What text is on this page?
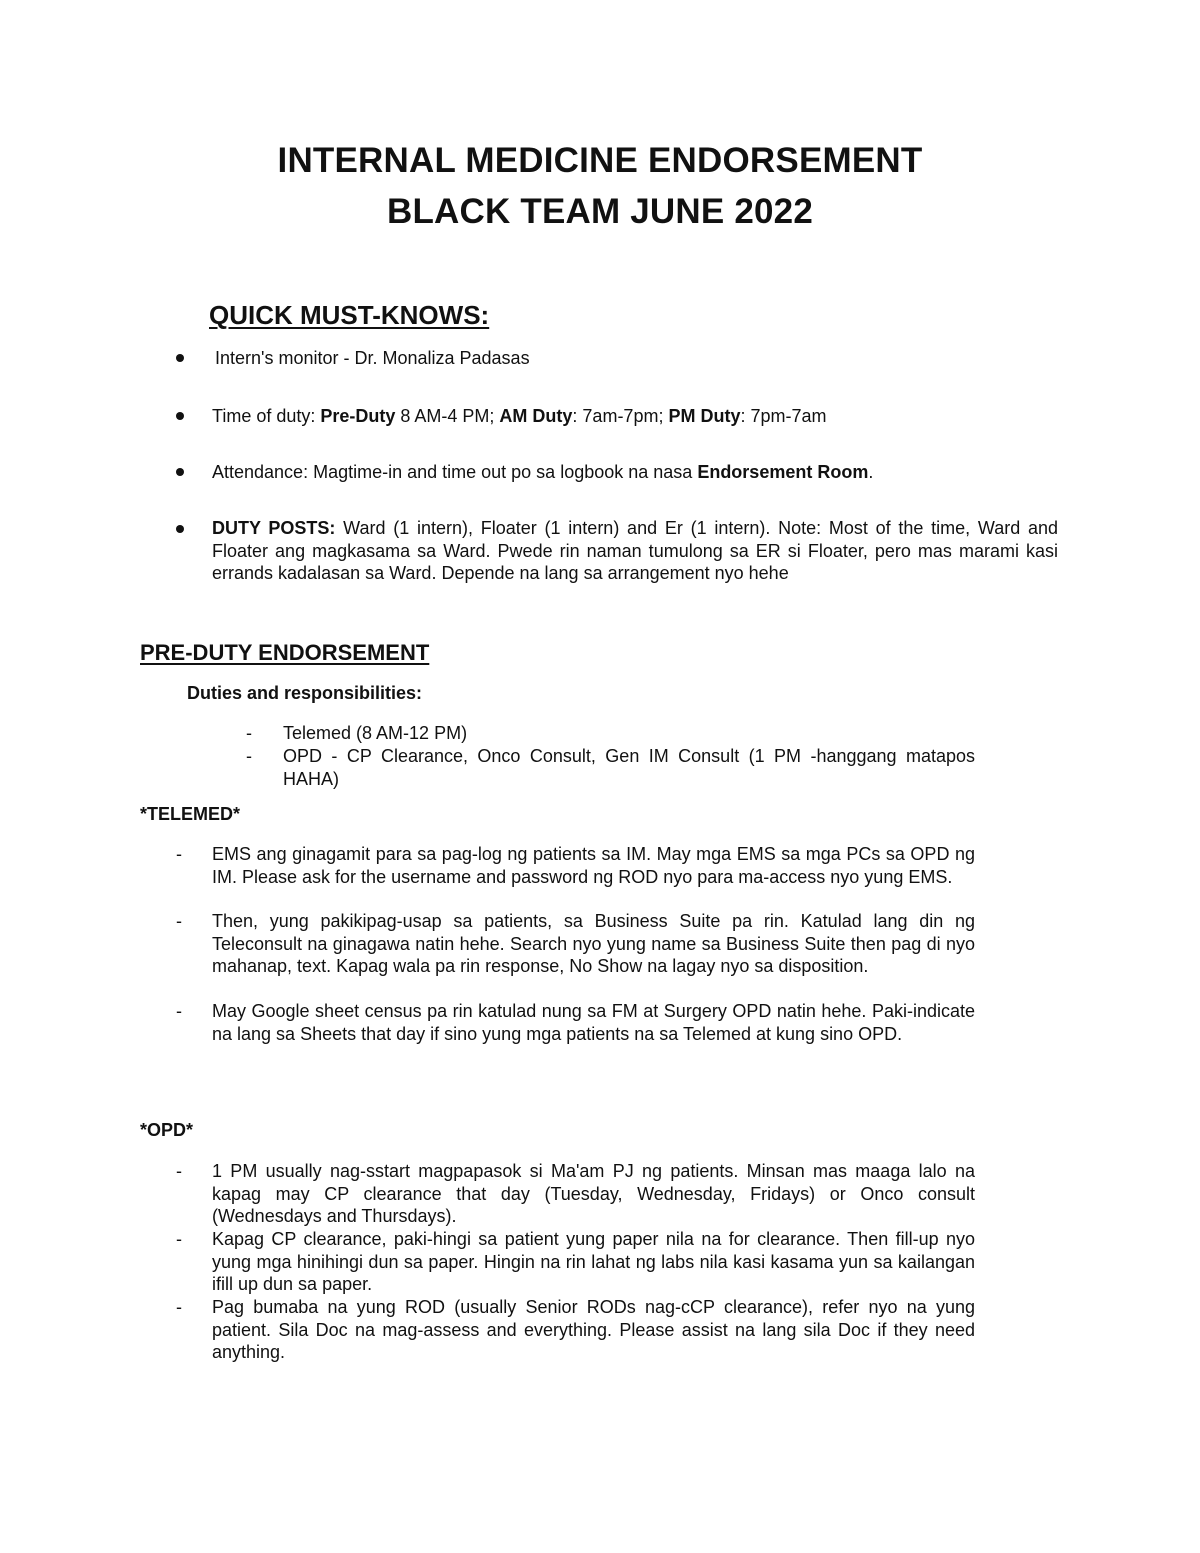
INTERNAL MEDICINE ENDORSEMENT
BLACK TEAM JUNE 2022
QUICK MUST-KNOWS:
Intern's monitor - Dr. Monaliza Padasas
Time of duty: Pre-Duty 8 AM-4 PM; AM Duty: 7am-7pm; PM Duty: 7pm-7am
Attendance: Magtime-in and time out po sa logbook na nasa Endorsement Room.
DUTY POSTS: Ward (1 intern), Floater (1 intern) and Er (1 intern). Note: Most of the time, Ward and Floater ang magkasama sa Ward. Pwede rin naman tumulong sa ER si Floater, pero mas marami kasi errands kadalasan sa Ward. Depende na lang sa arrangement nyo hehe
PRE-DUTY ENDORSEMENT
Duties and responsibilities:
- Telemed (8 AM-12 PM)
- OPD - CP Clearance, Onco Consult, Gen IM Consult (1 PM -hanggang matapos HAHA)
*TELEMED*
- EMS ang ginagamit para sa pag-log ng patients sa IM. May mga EMS sa mga PCs sa OPD ng IM. Please ask for the username and password ng ROD nyo para ma-access nyo yung EMS.
- Then, yung pakikipag-usap sa patients, sa Business Suite pa rin. Katulad lang din ng Teleconsult na ginagawa natin hehe. Search nyo yung name sa Business Suite then pag di nyo mahanap, text. Kapag wala pa rin response, No Show na lagay nyo sa disposition.
- May Google sheet census pa rin katulad nung sa FM at Surgery OPD natin hehe. Paki-indicate na lang sa Sheets that day if sino yung mga patients na sa Telemed at kung sino OPD.
*OPD*
- 1 PM usually nag-sstart magpapasok si Ma'am PJ ng patients. Minsan mas maaga lalo na kapag may CP clearance that day (Tuesday, Wednesday, Fridays) or Onco consult (Wednesdays and Thursdays).
- Kapag CP clearance, paki-hingi sa patient yung paper nila na for clearance. Then fill-up nyo yung mga hinihingi dun sa paper. Hingin na rin lahat ng labs nila kasi kasama yun sa kailangan ifill up dun sa paper.
- Pag bumaba na yung ROD (usually Senior RODs nag-cCP clearance), refer nyo na yung patient. Sila Doc na mag-assess and everything. Please assist na lang sila Doc if they need anything.
